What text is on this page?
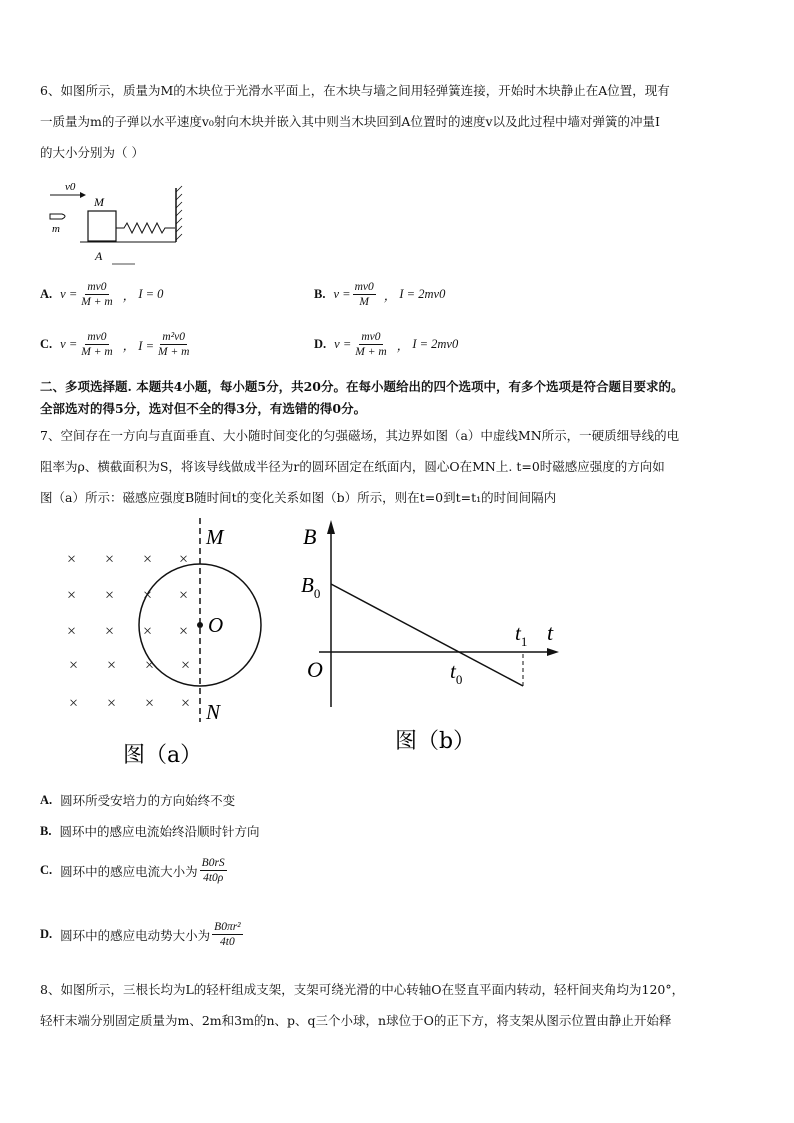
6、如图所示，质量为M的木块位于光滑水平面上，在木块与墙之间用轻弹簧连接，开始时木块静止在A位置，现有
一质量为m的子弹以水平速度v₀射向木块并嵌入其中则当木块回到A位置时的速度v以及此过程中墙对弹簧的冲量I
的大小分别为（ ）
v0
m
M
A
A. $v = \frac{mv0}{M + m}$ ， I = 0	B. $v = \frac{mv0}{M}$ ， I = 2mv0
C. $v = \frac{mv0}{M + m}$ ， $I = \frac{\text{m²v0}}{M + m}$	D. $v = \frac{mv0}{M + m}$ ， I = 2mv0
二、多项选择题. 本题共4小题，每小题5分，共20分。在每小题给出的四个选项中，有多个选项是符合题目要求的。
全部选对的得5分，选对但不全的得3分，有选错的得0分。
7、空间存在一方向与直面垂直、大小随时间变化的匀强磁场，其边界如图（a）中虚线MN所示，一硬质细导线的电
阻率为ρ、横截面积为S，将该导线做成半径为r的圆环固定在纸面内，圆心O在MN上. t=0时磁感应强度的方向如
图（a）所示：磁感应强度B随时间t的变化关系如图（b）所示，则在t=0到t=t₁的时间间隔内
× × × ×
× × × ×
× × × ×
× × × ×
× × × ×
O
M
N
图（a）
B
$B_0$
O	$t_0$
$t_1$ t
图（b）
A. 圆环所受安培力的方向始终不变
B. 圆环中的感应电流始终沿顺时针方向
C. 圆环中的感应电流大小为 $\frac{B0rS}{4t0\rho}$
D. 圆环中的感应电动势大小为 $\frac{\text{B0πr²}}{4t0}$
8、如图所示，三根长均为L的轻杆组成支架，支架可绕光滑的中心转轴O在竖直平面内转动，轻杆间夹角均为120°，
轻杆末端分别固定质量为m、2m和3m的n、p、q三个小球，n球位于O的正下方，将支架从图示位置由静止开始释
